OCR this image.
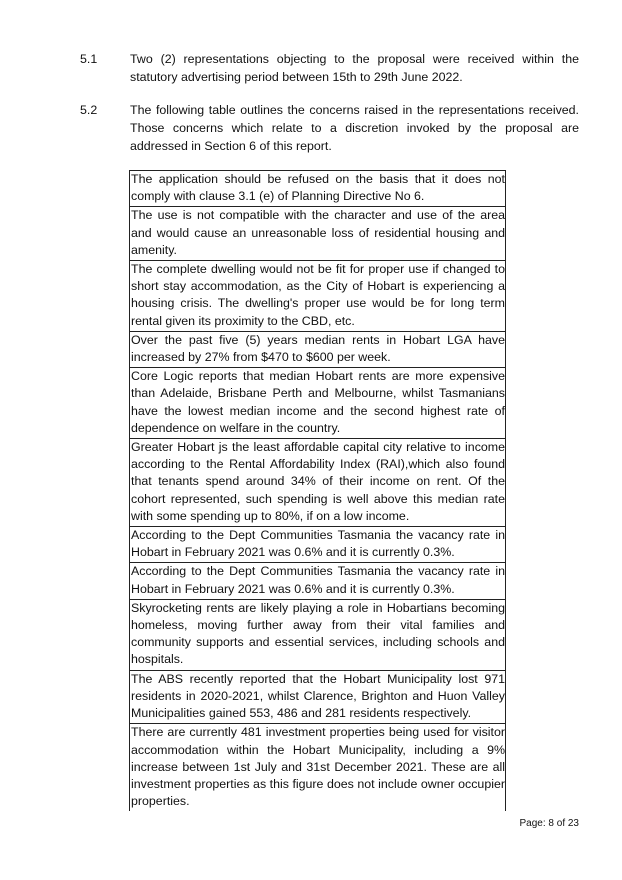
5.1	Two (2) representations objecting to the proposal were received within the statutory advertising period between 15th to 29th June 2022.
5.2	The following table outlines the concerns raised in the representations received. Those concerns which relate to a discretion invoked by the proposal are addressed in Section 6 of this report.
The application should be refused on the basis that it does not comply with clause 3.1 (e) of Planning Directive No 6.
The use is not compatible with the character and use of the area and would cause an unreasonable loss of residential housing and amenity.
The complete dwelling would not be fit for proper use if changed to short stay accommodation, as the City of Hobart is experiencing a housing crisis. The dwelling's proper use would be for long term rental given its proximity to the CBD, etc.
Over the past five (5) years median rents in Hobart LGA have increased by 27% from $470 to $600 per week.
Core Logic reports that median Hobart rents are more expensive than Adelaide, Brisbane Perth and Melbourne, whilst Tasmanians have the lowest median income and the second highest rate of dependence on welfare in the country.
Greater Hobart js the least affordable capital city relative to income according to the Rental Affordability Index (RAI),which also found that tenants spend around 34% of their income on rent. Of the cohort represented, such spending is well above this median rate with some spending up to 80%, if on a low income.
According to the Dept Communities Tasmania the vacancy rate in Hobart in February 2021 was 0.6% and it is currently 0.3%.
According to the Dept Communities Tasmania the vacancy rate in Hobart in February 2021 was 0.6% and it is currently 0.3%.
Skyrocketing rents are likely playing a role in Hobartians becoming homeless, moving further away from their vital families and community supports and essential services, including schools and hospitals.
The ABS recently reported that the Hobart Municipality lost 971 residents in 2020-2021, whilst Clarence, Brighton and Huon Valley Municipalities gained 553, 486 and 281 residents respectively.
There are currently 481 investment properties being used for visitor accommodation within the Hobart Municipality, including a 9% increase between 1st July and 31st December 2021. These are all investment properties as this figure does not include owner occupier properties.
Page: 8 of 23
